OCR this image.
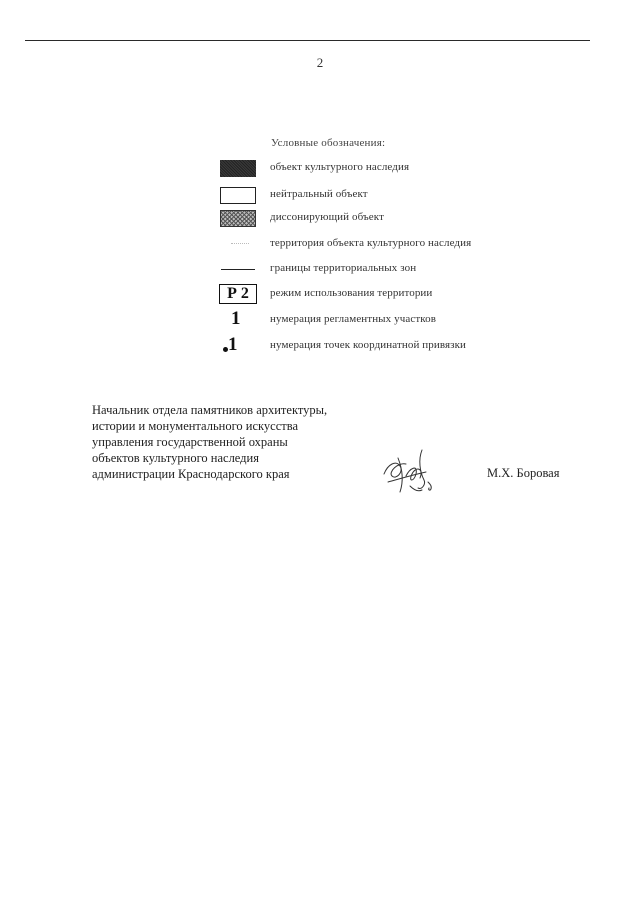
2
Условные обозначения:
объект культурного наследия
нейтральный объект
диссонирующий объект
территория объекта культурного наследия
границы территориальных зон
Р 2	режим использования территории
1	нумерация регламентных участков
1	нумерация точек координатной привязки
Начальник отдела памятников архитектуры,
истории и монументального искусства
управления государственной охраны
объектов культурного наследия
администрации Краснодарского края	М.Х. Боровая
